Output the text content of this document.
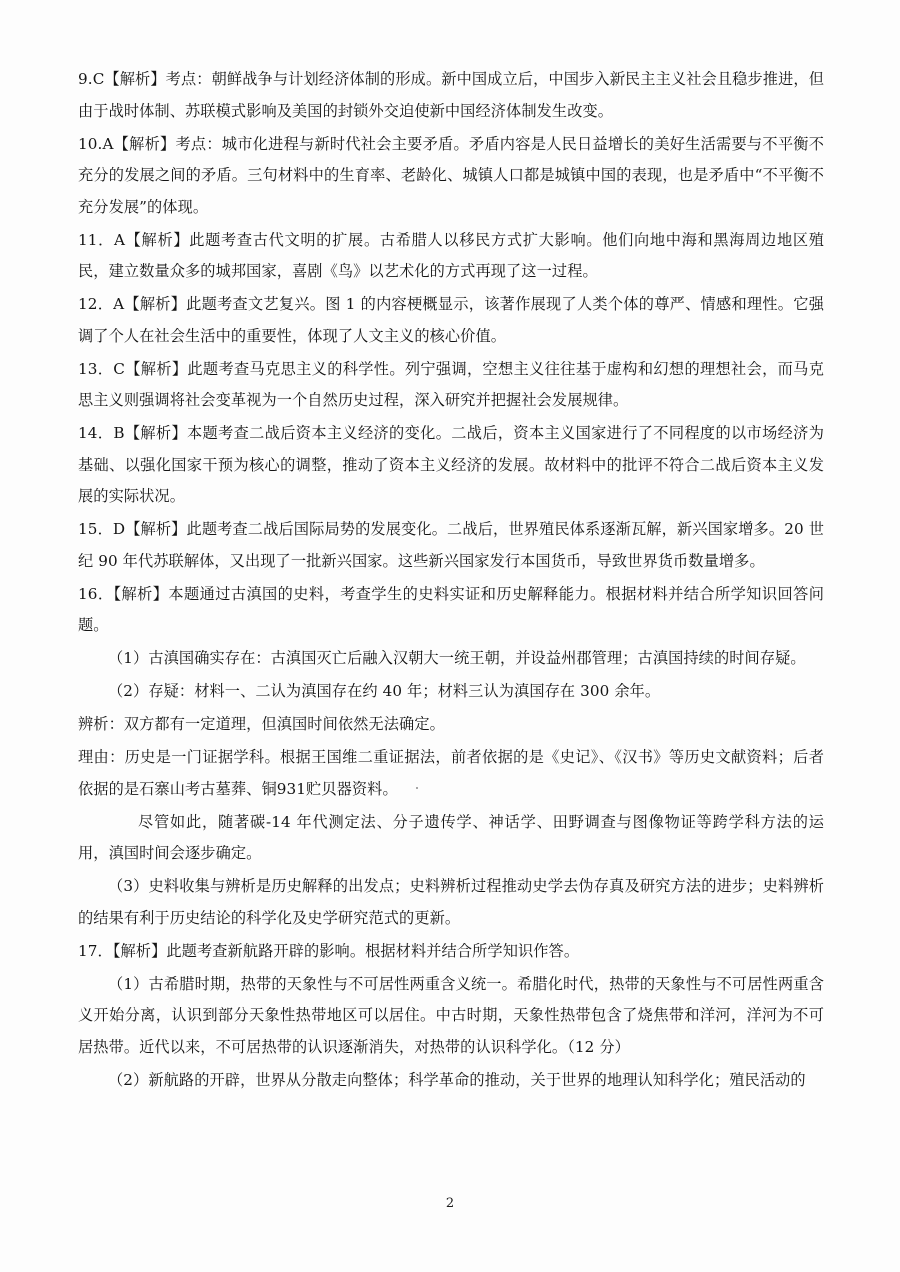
9.C【解析】考点：朝鲜战争与计划经济体制的形成。新中国成立后，中国步入新民主主义社会且稳步推进，但由于战时体制、苏联模式影响及美国的封锁外交迫使新中国经济体制发生改变。

10.A【解析】考点：城市化进程与新时代社会主要矛盾。矛盾内容是人民日益增长的美好生活需要与不平衡不充分的发展之间的矛盾。三句材料中的生育率、老龄化、城镇人口都是城镇中国的表现，也是矛盾中“不平衡不充分发展”的体现。

11．A【解析】此题考查古代文明的扩展。古希腊人以移民方式扩大影响。他们向地中海和黑海周边地区殖民，建立数量众多的城邦国家，喜剧《鸟》以艺术化的方式再现了这一过程。

12．A【解析】此题考查文艺复兴。图 1 的内容梗概显示，该著作展现了人类个体的尊严、情感和理性。它强调了个人在社会生活中的重要性，体现了人文主义的核心价值。

13．C【解析】此题考查马克思主义的科学性。列宁强调，空想主义往往基于虚构和幻想的理想社会，而马克思主义则强调将社会变革视为一个自然历史过程，深入研究并把握社会发展规律。

14．B【解析】本题考查二战后资本主义经济的变化。二战后，资本主义国家进行了不同程度的以市场经济为基础、以强化国家干预为核心的调整，推动了资本主义经济的发展。故材料中的批评不符合二战后资本主义发展的实际状况。

15．D【解析】此题考查二战后国际局势的发展变化。二战后，世界殖民体系逐渐瓦解，新兴国家增多。20 世纪 90 年代苏联解体，又出现了一批新兴国家。这些新兴国家发行本国货币，导致世界货币数量增多。

16．【解析】本题通过古滇国的史料，考查学生的史料实证和历史解释能力。根据材料并结合所学知识回答问题。

（1）古滇国确实存在：古滇国灭亡后融入汉朝大一统王朝，并设益州郡管理；古滇国持续的时间存疑。

（2）存疑：材料一、二认为滇国存在约 40 年；材料三认为滇国存在 300 余年。

辨析：双方都有一定道理，但滇国时间依然无法确定。

理由：历史是一门证据学科。根据王国维二重证据法，前者依据的是《史记》、《汉书》等历史文献资料；后者依据的是石寨山考古墓葬、铜931贮贝器资料。

尽管如此，随著碳-14 年代测定法、分子遗传学、神话学、田野调查与图像物证等跨学科方法的运用，滇国时间会逐步确定。

（3）史料收集与辨析是历史解释的出发点；史料辨析过程推动史学去伪存真及研究方法的进步；史料辨析的结果有利于历史结论的科学化及史学研究范式的更新。

17．【解析】此题考查新航路开辟的影响。根据材料并结合所学知识作答。

（1）古希腊时期，热带的天象性与不可居性两重含义统一。希腊化时代，热带的天象性与不可居性两重含义开始分离，认识到部分天象性热带地区可以居住。中古时期，天象性热带包含了烧焦带和洋河，洋河为不可居热带。近代以来，不可居热带的认识逐渐消失，对热带的认识科学化。（12 分）

（2）新航路的开辟，世界从分散走向整体；科学革命的推动，关于世界的地理认知科学化；殖民活动的

2
